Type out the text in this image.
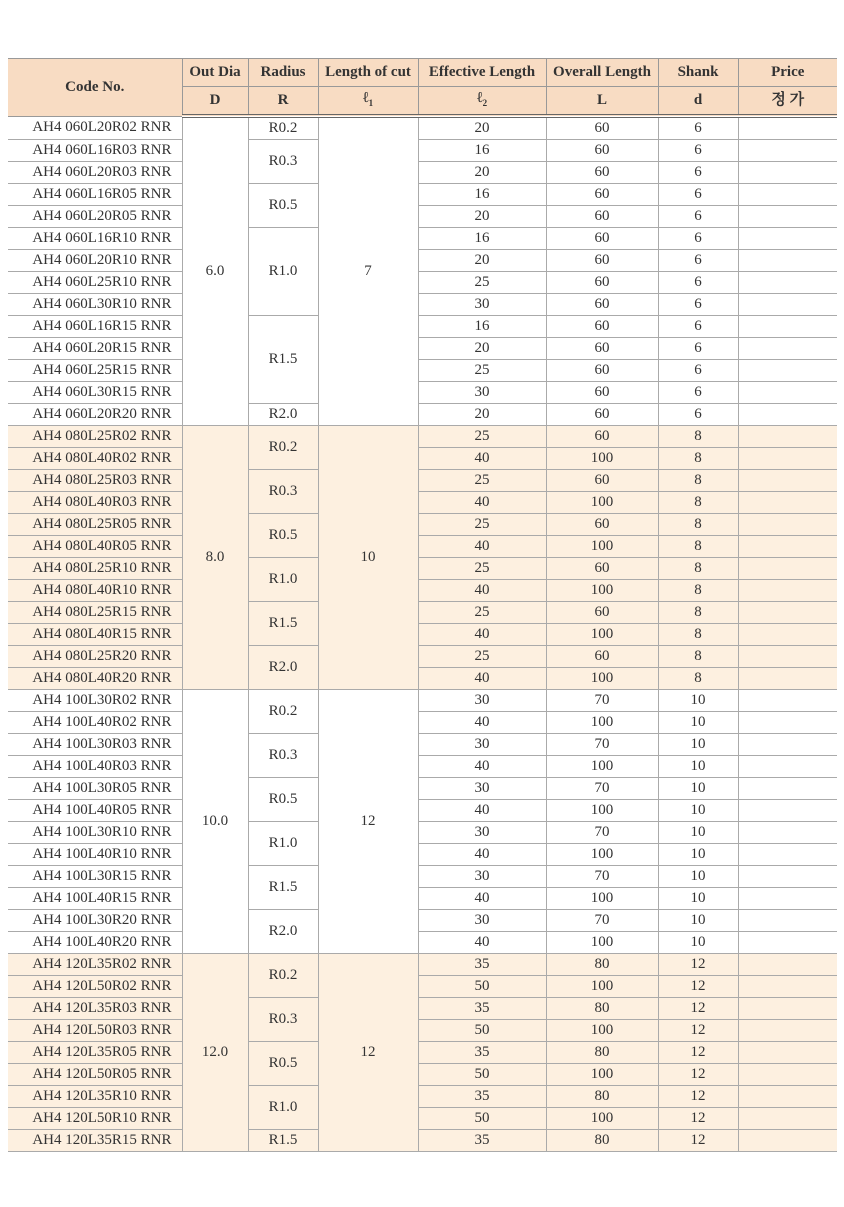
Code No.	Out Dia	Radius	Length of cut	Effective Length	Overall Length	Shank	Price
D	R	ℓ$_1$	ℓ$_2$	L	d	정 가
AH4 060L20R02 RNR	6.0	R0.2	7	20	60	6	
AH4 060L16R03 RNR	R0.3	16	60	6	
AH4 060L20R03 RNR	20	60	6	
AH4 060L16R05 RNR	R0.5	16	60	6	
AH4 060L20R05 RNR	20	60	6	
AH4 060L16R10 RNR	R1.0	16	60	6	
AH4 060L20R10 RNR	20	60	6	
AH4 060L25R10 RNR	25	60	6	
AH4 060L30R10 RNR	30	60	6	
AH4 060L16R15 RNR	R1.5	16	60	6	
AH4 060L20R15 RNR	20	60	6	
AH4 060L25R15 RNR	25	60	6	
AH4 060L30R15 RNR	30	60	6	
AH4 060L20R20 RNR	R2.0	20	60	6	
AH4 080L25R02 RNR	8.0	R0.2	10	25	60	8	
AH4 080L40R02 RNR	40	100	8	
AH4 080L25R03 RNR	R0.3	25	60	8	
AH4 080L40R03 RNR	40	100	8	
AH4 080L25R05 RNR	R0.5	25	60	8	
AH4 080L40R05 RNR	40	100	8	
AH4 080L25R10 RNR	R1.0	25	60	8	
AH4 080L40R10 RNR	40	100	8	
AH4 080L25R15 RNR	R1.5	25	60	8	
AH4 080L40R15 RNR	40	100	8	
AH4 080L25R20 RNR	R2.0	25	60	8	
AH4 080L40R20 RNR	40	100	8	
AH4 100L30R02 RNR	10.0	R0.2	12	30	70	10	
AH4 100L40R02 RNR	40	100	10	
AH4 100L30R03 RNR	R0.3	30	70	10	
AH4 100L40R03 RNR	40	100	10	
AH4 100L30R05 RNR	R0.5	30	70	10	
AH4 100L40R05 RNR	40	100	10	
AH4 100L30R10 RNR	R1.0	30	70	10	
AH4 100L40R10 RNR	40	100	10	
AH4 100L30R15 RNR	R1.5	30	70	10	
AH4 100L40R15 RNR	40	100	10	
AH4 100L30R20 RNR	R2.0	30	70	10	
AH4 100L40R20 RNR	40	100	10	
AH4 120L35R02 RNR	12.0	R0.2	12	35	80	12	
AH4 120L50R02 RNR	50	100	12	
AH4 120L35R03 RNR	R0.3	35	80	12	
AH4 120L50R03 RNR	50	100	12	
AH4 120L35R05 RNR	R0.5	35	80	12	
AH4 120L50R05 RNR	50	100	12	
AH4 120L35R10 RNR	R1.0	35	80	12	
AH4 120L50R10 RNR	50	100	12	
AH4 120L35R15 RNR	R1.5	35	80	12	
